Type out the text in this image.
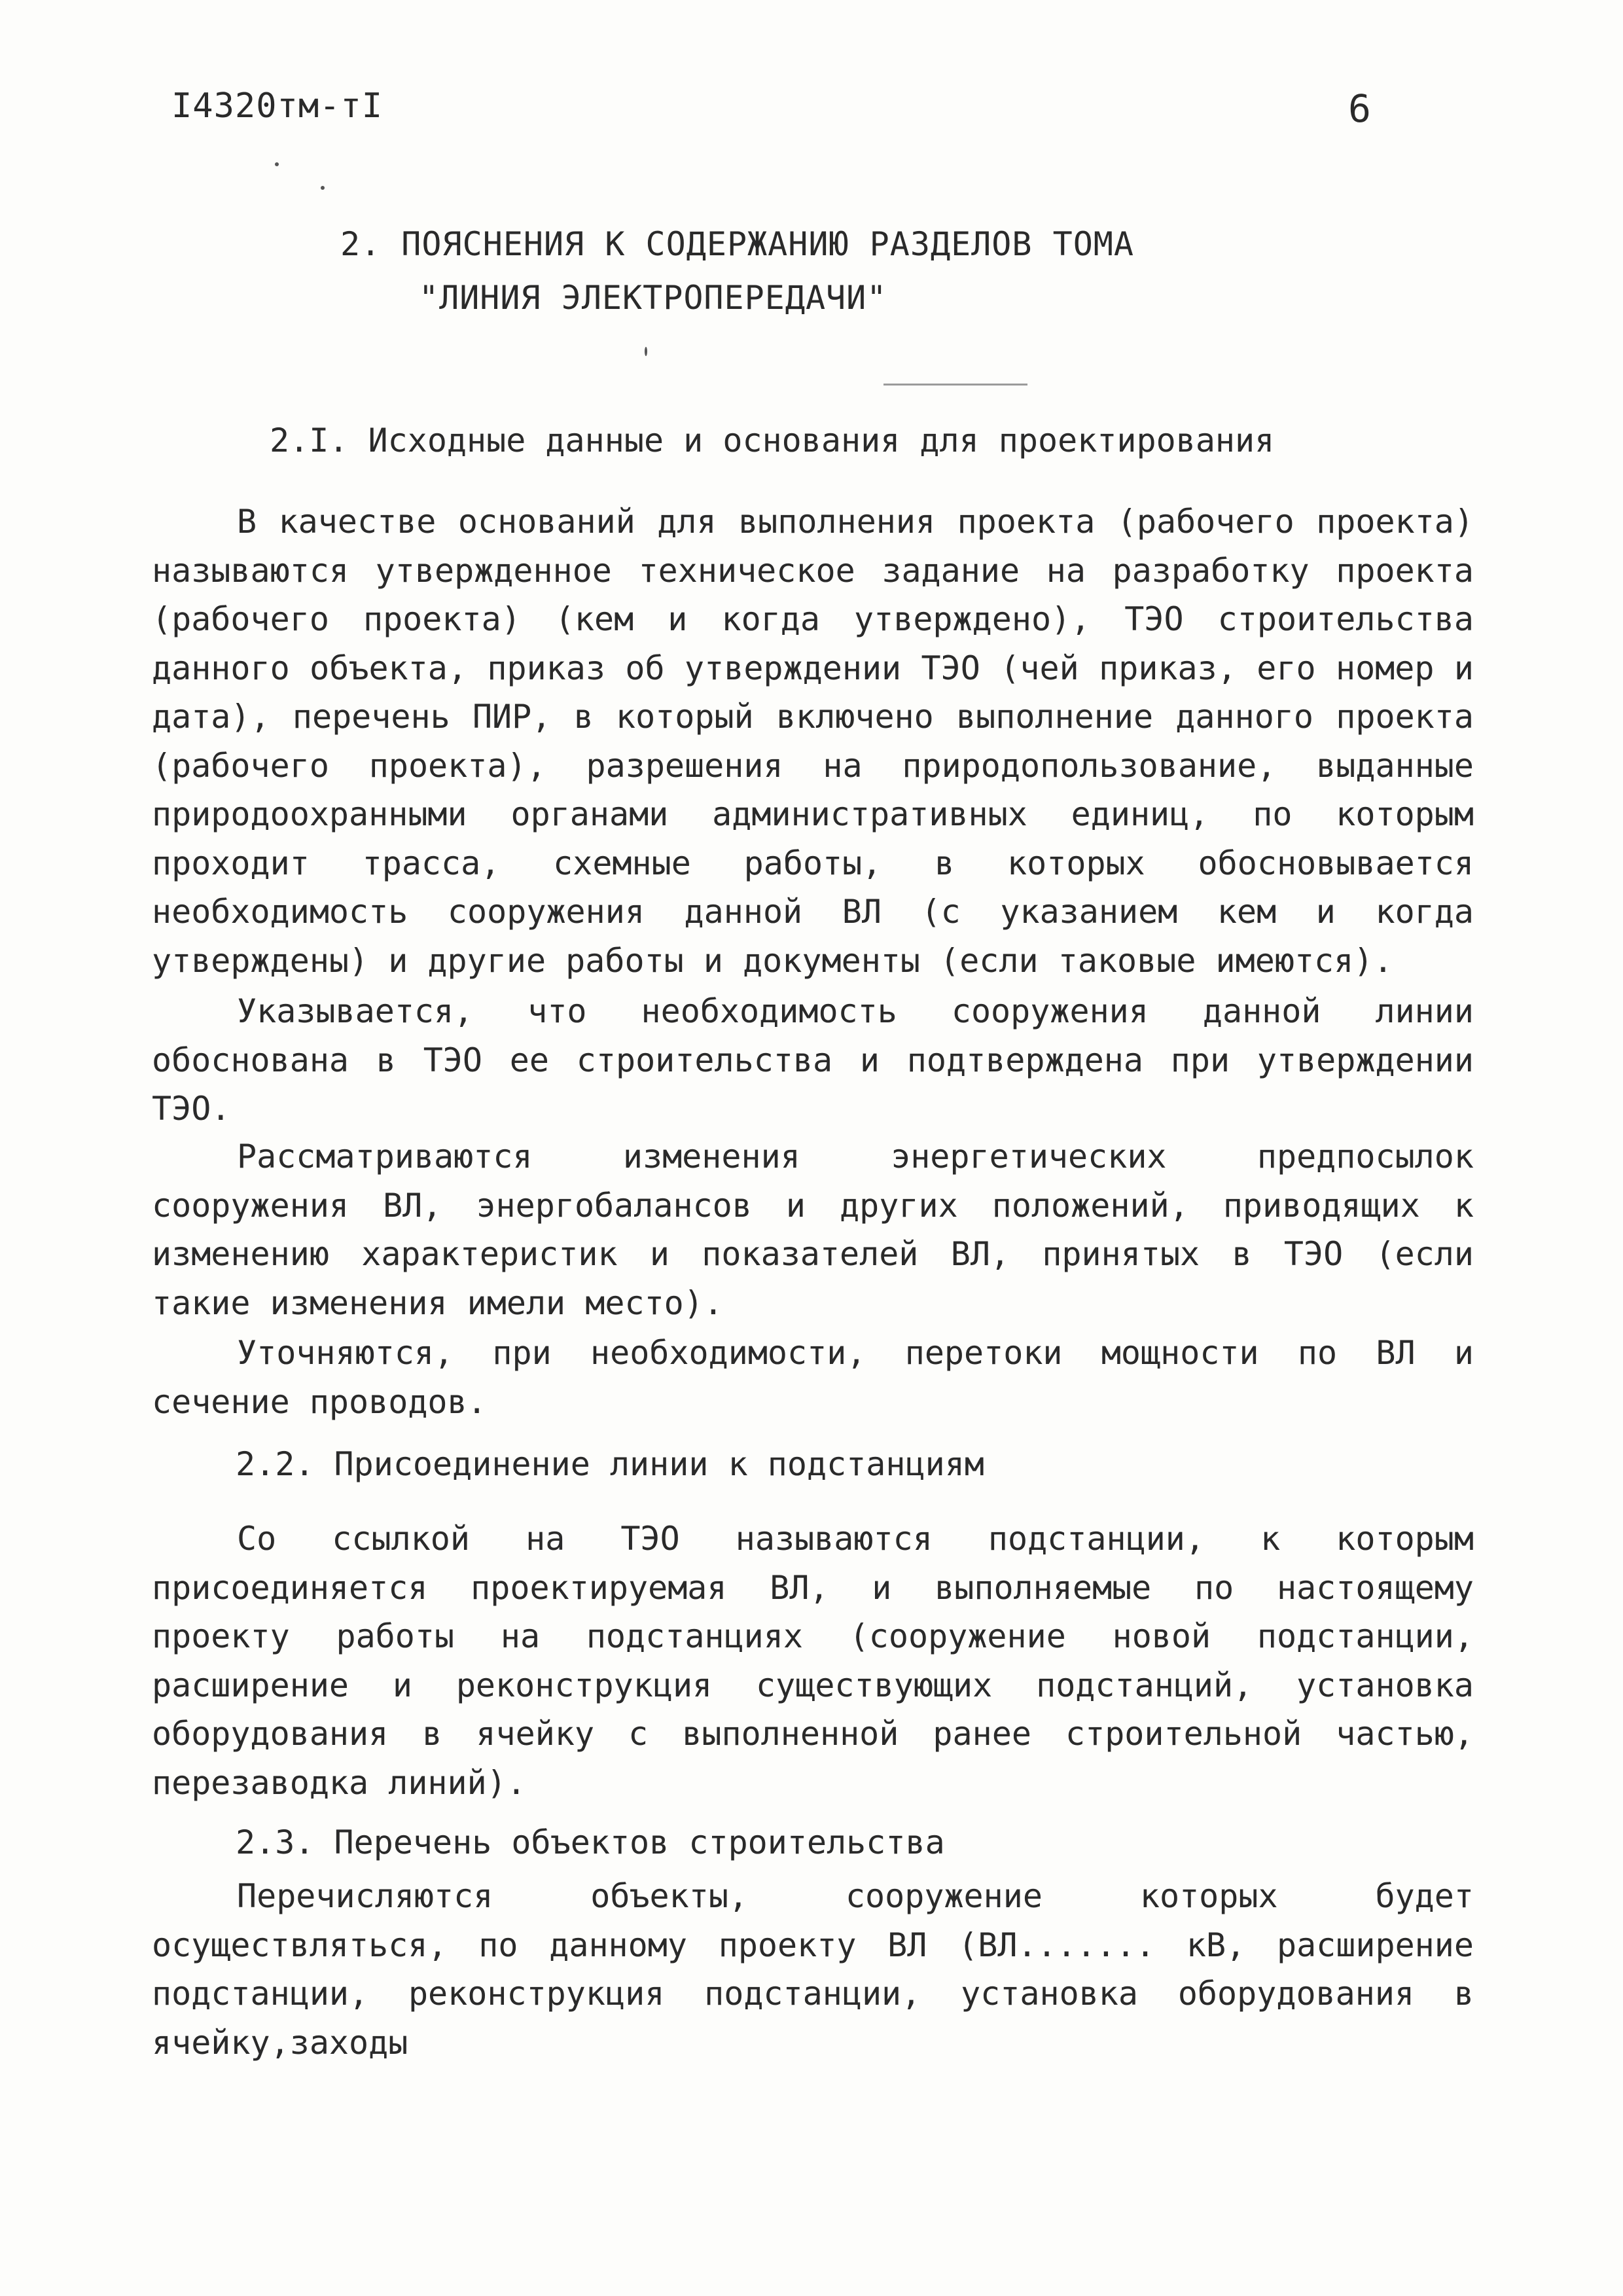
I4320тм-тI	6
2. ПОЯСНЕНИЯ К СОДЕРЖАНИЮ РАЗДЕЛОВ ТОМА
"ЛИНИЯ ЭЛЕКТРОПЕРЕДАЧИ"
2.I. Исходные данные и основания для проектирования

В качестве оснований для выполнения проекта (рабочего проекта) называются утвержденное техническое задание на разработку проекта (рабочего проекта) (кем и когда утверждено), ТЭО строительства данного объекта, приказ об утверждении ТЭО (чей приказ, его номер и дата), перечень ПИР, в который включено выполнение данного проекта (рабочего проекта), разрешения на природопользование, выданные природоохранными органами административных единиц, по которым проходит трасса, схемные работы, в которых обосновывается необходимость сооружения данной ВЛ (с указанием кем и когда утверждены) и другие работы и документы (если таковые имеются).

Указывается, что необходимость сооружения данной линии обоснована в ТЭО ее строительства и подтверждена при утверждении ТЭО.

Рассматриваются изменения энергетических предпосылок сооружения ВЛ, энергобалансов и других положений, приводящих к изменению характеристик и показателей ВЛ, принятых в ТЭО (если такие изменения имели место).

Уточняются, при необходимости, перетоки мощности по ВЛ и сечение проводов.

2.2. Присоединение линии к подстанциям

Со ссылкой на ТЭО называются подстанции, к которым присоединяется проектируемая ВЛ, и выполняемые по настоящему проекту работы на подстанциях (сооружение новой подстанции, расширение и реконструкция существующих подстанций, установка оборудования в ячейку с выполненной ранее строительной частью, перезаводка линий).

2.3. Перечень объектов строительства

Перечисляются объекты, сооружение которых будет осуществляться, по данному проекту ВЛ (ВЛ....... кВ, расширение подстанции, реконструкция подстанции, установка оборудования в ячейку,заходы
